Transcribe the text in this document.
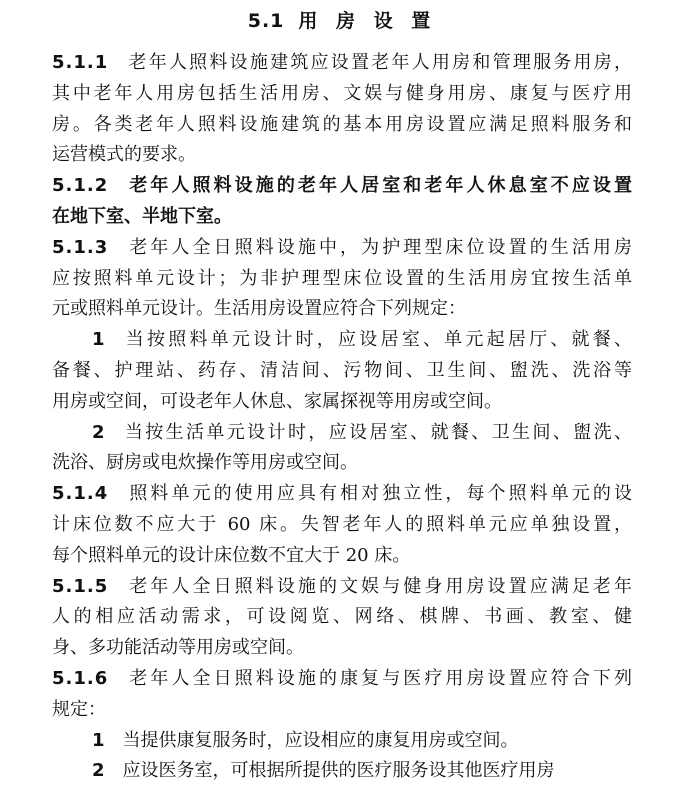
5.1 用 房 设 置
5.1.1 老年人照料设施建筑应设置老年人用房和管理服务用房，
其中老年人用房包括生活用房、文娱与健身用房、康复与医疗用
房。各类老年人照料设施建筑的基本用房设置应满足照料服务和
运营模式的要求。
5.1.2 老年人照料设施的老年人居室和老年人休息室不应设置
在地下室、半地下室。
5.1.3 老年人全日照料设施中，为护理型床位设置的生活用房
应按照料单元设计；为非护理型床位设置的生活用房宜按生活单
元或照料单元设计。生活用房设置应符合下列规定：
1 当按照料单元设计时，应设居室、单元起居厅、就餐、
备餐、护理站、药存、清洁间、污物间、卫生间、盥洗、洗浴等
用房或空间，可设老年人休息、家属探视等用房或空间。
2 当按生活单元设计时，应设居室、就餐、卫生间、盥洗、
洗浴、厨房或电炊操作等用房或空间。
5.1.4 照料单元的使用应具有相对独立性，每个照料单元的设
计床位数不应大于 60 床。失智老年人的照料单元应单独设置，
每个照料单元的设计床位数不宜大于 20 床。
5.1.5 老年人全日照料设施的文娱与健身用房设置应满足老年
人的相应活动需求，可设阅览、网络、棋牌、书画、教室、健
身、多功能活动等用房或空间。
5.1.6 老年人全日照料设施的康复与医疗用房设置应符合下列
规定：
1 当提供康复服务时，应设相应的康复用房或空间。
2 应设医务室，可根据所提供的医疗服务设其他医疗用房
